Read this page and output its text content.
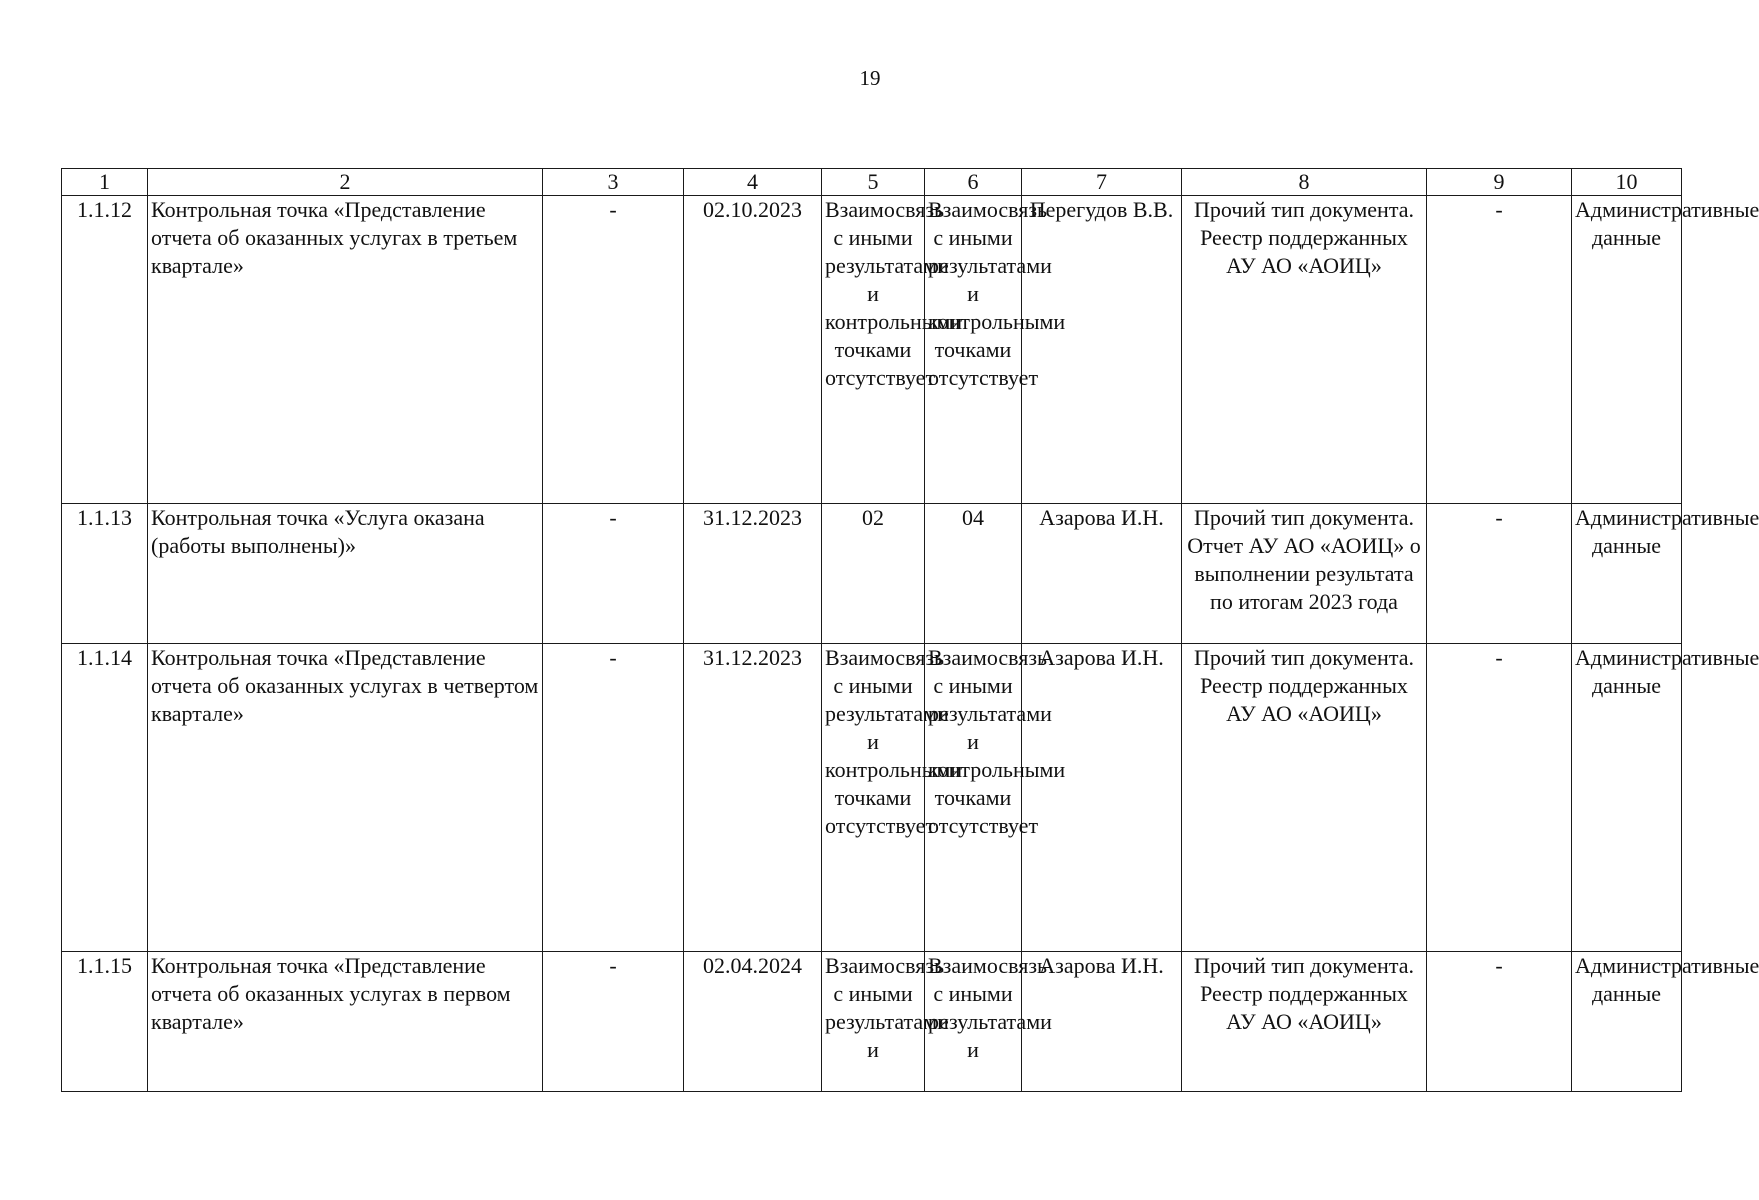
19
1	2	3	4	5	6	7	8	9	10
1.1.12	Контрольная точка «Представление отчета об оказанных услугах в третьем квартале»	-	02.10.2023	Взаимосвязь с иными результатами и контрольными точками отсутствует	Взаимосвязь с иными результатами и контрольными точками отсутствует	Перегудов В.В.	Прочий тип документа. Реестр поддержанных АУ АО «АОИЦ»	-	Административные данные
1.1.13	Контрольная точка «Услуга оказана (работы выполнены)»	-	31.12.2023	02	04	Азарова И.Н.	Прочий тип документа. Отчет АУ АО «АОИЦ» о выполнении результата по итогам 2023 года	-	Административные данные
1.1.14	Контрольная точка «Представление отчета об оказанных услугах в четвертом квартале»	-	31.12.2023	Взаимосвязь с иными результатами и контрольными точками отсутствует	Взаимосвязь с иными результатами и контрольными точками отсутствует	Азарова И.Н.	Прочий тип документа. Реестр поддержанных АУ АО «АОИЦ»	-	Административные данные
1.1.15	Контрольная точка «Представление отчета об оказанных услугах в первом квартале»	-	02.04.2024	Взаимосвязь с иными результатами и	Взаимосвязь с иными результатами и	Азарова И.Н.	Прочий тип документа. Реестр поддержанных АУ АО «АОИЦ»	-	Административные данные
